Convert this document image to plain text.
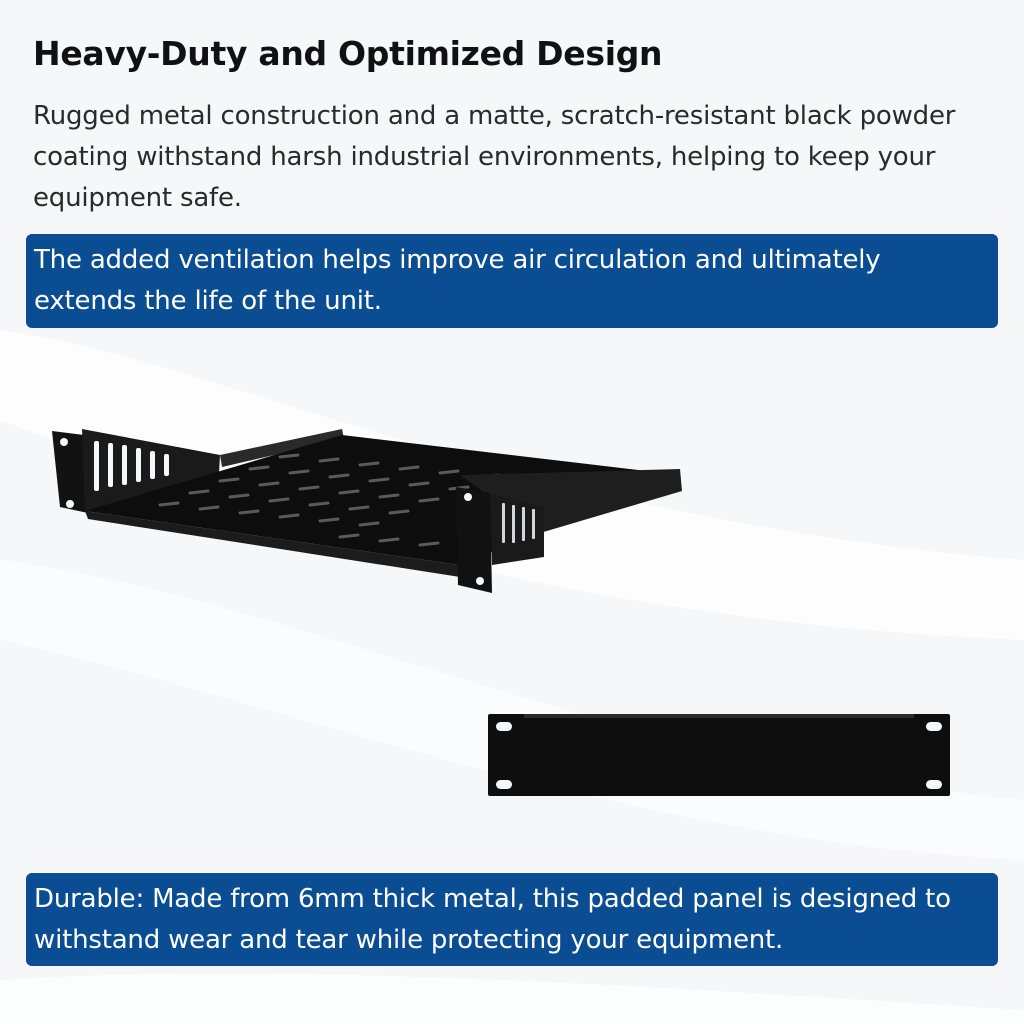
Heavy-Duty and Optimized Design

Rugged metal construction and a matte, scratch-resistant black powder coating withstand harsh industrial environments, helping to keep your equipment safe.

The added ventilation helps improve air circulation and ultimately extends the life of the unit.
Durable: Made from 6mm thick metal, this padded panel is designed to withstand wear and tear while protecting your equipment.
